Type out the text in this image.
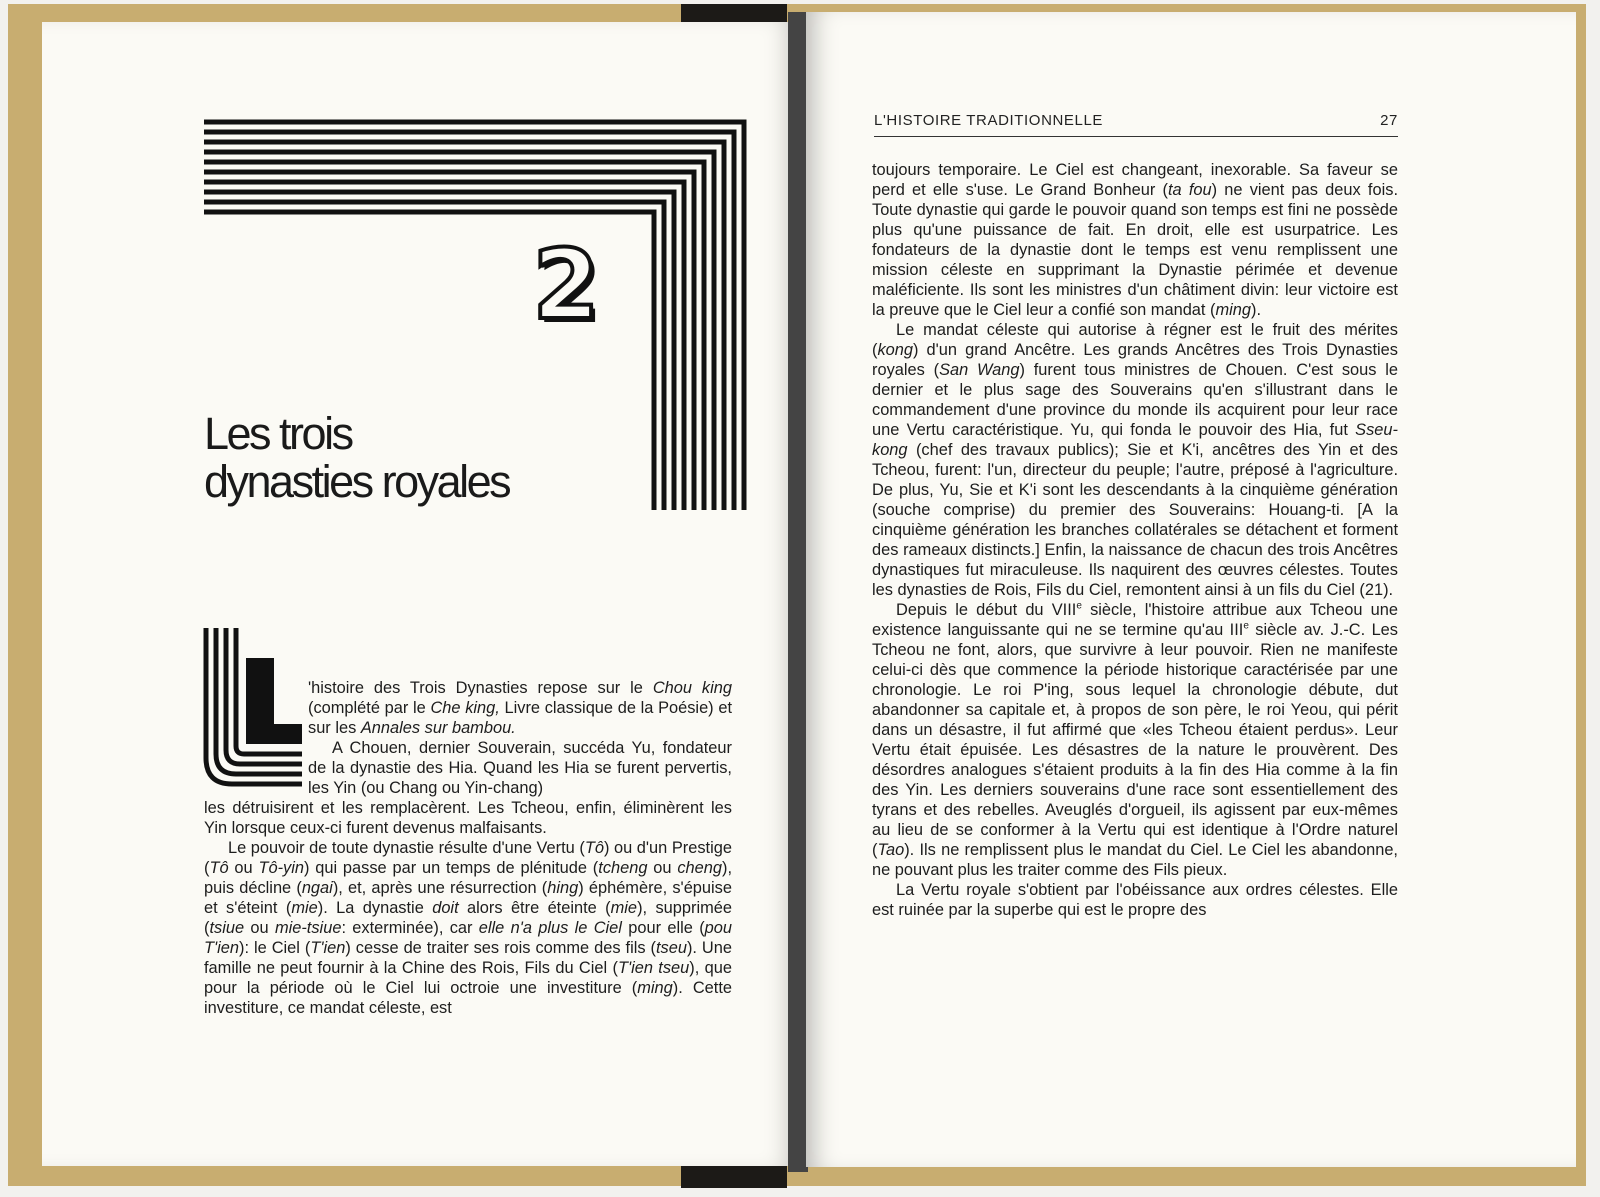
2
Les trois
dynasties royales

'histoire des Trois Dynasties repose sur le Chou king (complété par le Che king, Livre classique de la Poésie) et sur les Annales sur bambou.

A Chouen, dernier Souverain, succéda Yu, fondateur de la dynastie des Hia. Quand les Hia se furent pervertis, les Yin (ou Chang ou Yin-chang)

les détruisirent et les remplacèrent. Les Tcheou, enfin, éliminèrent les Yin lorsque ceux-ci furent devenus malfaisants.

Le pouvoir de toute dynastie résulte d'une Vertu (Tô) ou d'un Prestige (Tô ou Tô-yin) qui passe par un temps de plénitude (tcheng ou cheng), puis décline (ngai), et, après une résurrection (hing) éphémère, s'épuise et s'éteint (mie). La dynastie doit alors être éteinte (mie), supprimée (tsiue ou mie-tsiue: exterminée), car elle n'a plus le Ciel pour elle (pou T'ien): le Ciel (T'ien) cesse de traiter ses rois comme des fils (tseu). Une famille ne peut fournir à la Chine des Rois, Fils du Ciel (T'ien tseu), que pour la période où le Ciel lui octroie une investiture (ming). Cette investiture, ce mandat céleste, est

L'HISTOIRE TRADITIONNELLE	27

toujours temporaire. Le Ciel est changeant, inexorable. Sa faveur se perd et elle s'use. Le Grand Bonheur (ta fou) ne vient pas deux fois. Toute dynastie qui garde le pouvoir quand son temps est fini ne possède plus qu'une puissance de fait. En droit, elle est usurpatrice. Les fondateurs de la dynastie dont le temps est venu remplissent une mission céleste en supprimant la Dynastie périmée et devenue maléficiente. Ils sont les ministres d'un châtiment divin: leur victoire est la preuve que le Ciel leur a confié son mandat (ming).

Le mandat céleste qui autorise à régner est le fruit des mérites (kong) d'un grand Ancêtre. Les grands Ancêtres des Trois Dynasties royales (San Wang) furent tous ministres de Chouen. C'est sous le dernier et le plus sage des Souverains qu'en s'illustrant dans le commandement d'une province du monde ils acquirent pour leur race une Vertu caractéristique. Yu, qui fonda le pouvoir des Hia, fut Sseu-kong (chef des travaux publics); Sie et K'i, ancêtres des Yin et des Tcheou, furent: l'un, directeur du peuple; l'autre, préposé à l'agriculture. De plus, Yu, Sie et K'i sont les descendants à la cinquième génération (souche comprise) du premier des Souverains: Houang-ti. [A la cinquième génération les branches collatérales se détachent et forment des rameaux distincts.] Enfin, la naissance de chacun des trois Ancêtres dynastiques fut miraculeuse. Ils naquirent des œuvres célestes. Toutes les dynasties de Rois, Fils du Ciel, remontent ainsi à un fils du Ciel (21).

Depuis le début du VIIIe siècle, l'histoire attribue aux Tcheou une existence languissante qui ne se termine qu'au IIIe siècle av. J.-C. Les Tcheou ne font, alors, que survivre à leur pouvoir. Rien ne manifeste celui-ci dès que commence la période historique caractérisée par une chronologie. Le roi P'ing, sous lequel la chronologie débute, dut abandonner sa capitale et, à propos de son père, le roi Yeou, qui périt dans un désastre, il fut affirmé que «les Tcheou étaient perdus». Leur Vertu était épuisée. Les désastres de la nature le prouvèrent. Des désordres analogues s'étaient produits à la fin des Hia comme à la fin des Yin. Les derniers souverains d'une race sont essentiellement des tyrans et des rebelles. Aveuglés d'orgueil, ils agissent par eux-mêmes au lieu de se conformer à la Vertu qui est identique à l'Ordre naturel (Tao). Ils ne remplissent plus le mandat du Ciel. Le Ciel les abandonne, ne pouvant plus les traiter comme des Fils pieux.

La Vertu royale s'obtient par l'obéissance aux ordres célestes. Elle est ruinée par la superbe qui est le propre des
